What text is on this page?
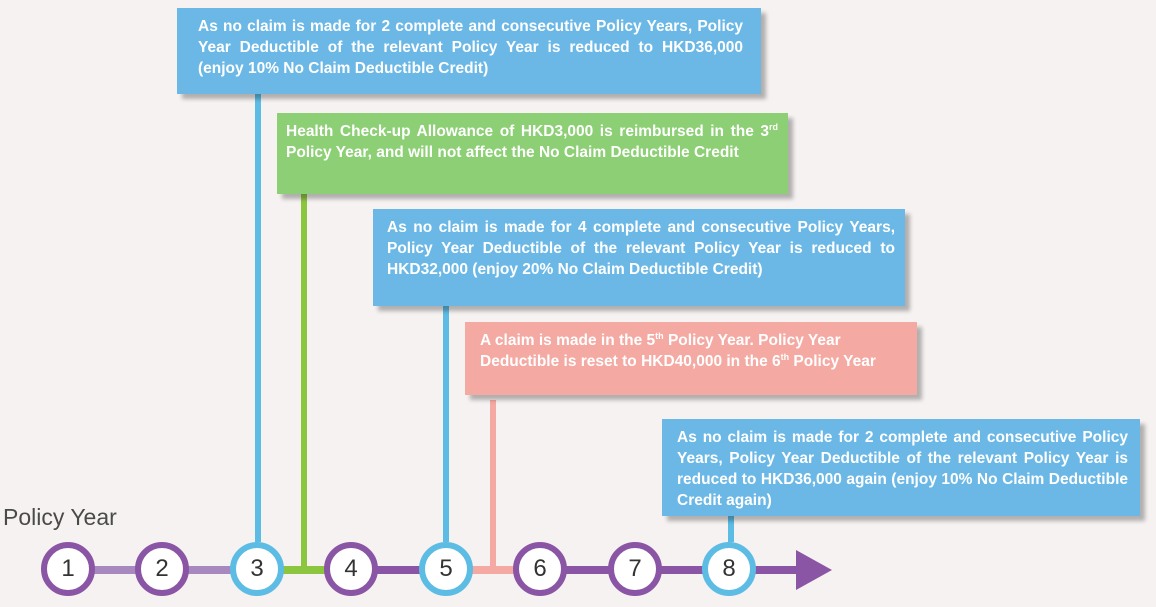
As no claim is made for 2 complete and consecutive Policy Years, Policy Year Deductible of the relevant Policy Year is reduced to HKD36,000 (enjoy 10% No Claim Deductible Credit)
Health Check-up Allowance of HKD3,000 is reimbursed in the 3rd Policy Year, and will not affect the No Claim Deductible Credit
As no claim is made for 4 complete and consecutive Policy Years, Policy Year Deductible of the relevant Policy Year is reduced to HKD32,000 (enjoy 20% No Claim Deductible Credit)
A claim is made in the 5th Policy Year. Policy Year Deductible is reset to HKD40,000 in the 6th Policy Year
As no claim is made for 2 complete and consecutive Policy Years, Policy Year Deductible of the relevant Policy Year is reduced to HKD36,000 again (enjoy 10% No Claim Deductible Credit again)
Policy Year
1	2	3	4	5	6	7	8
